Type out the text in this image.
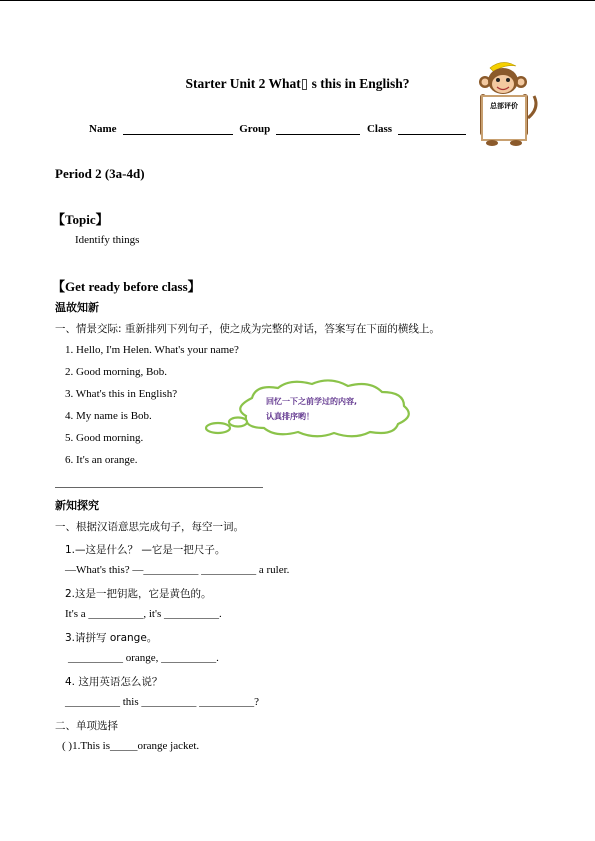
Starter Unit 2 What▯ s this in English?
总部评价
Name	Group	Class
Period 2 (3a-4d)
【Topic】
Identify things
【Get ready before class】
温故知新
一、情景交际: 重新排列下列句子，使之成为完整的对话，答案写在下面的横线上。
1. Hello, I'm Helen. What's your name?
2. Good morning, Bob.
3. What's this in English?
4. My name is Bob.
5. Good morning.
6. It's an orange.
回忆一下之前学过的内容,
认真排序哟！
新知探究
一、根据汉语意思完成句子，每空一词。
1.—这是什么？ —它是一把尺子。
—What's this? —__________ __________ a ruler.
2.这是一把钥匙，它是黄色的。
It's a __________, it's __________.
3.请拼写 orange。
__________ orange, __________.
4. 这用英语怎么说？
__________ this __________ __________?
二、单项选择
( )1.This is_____orange jacket.
